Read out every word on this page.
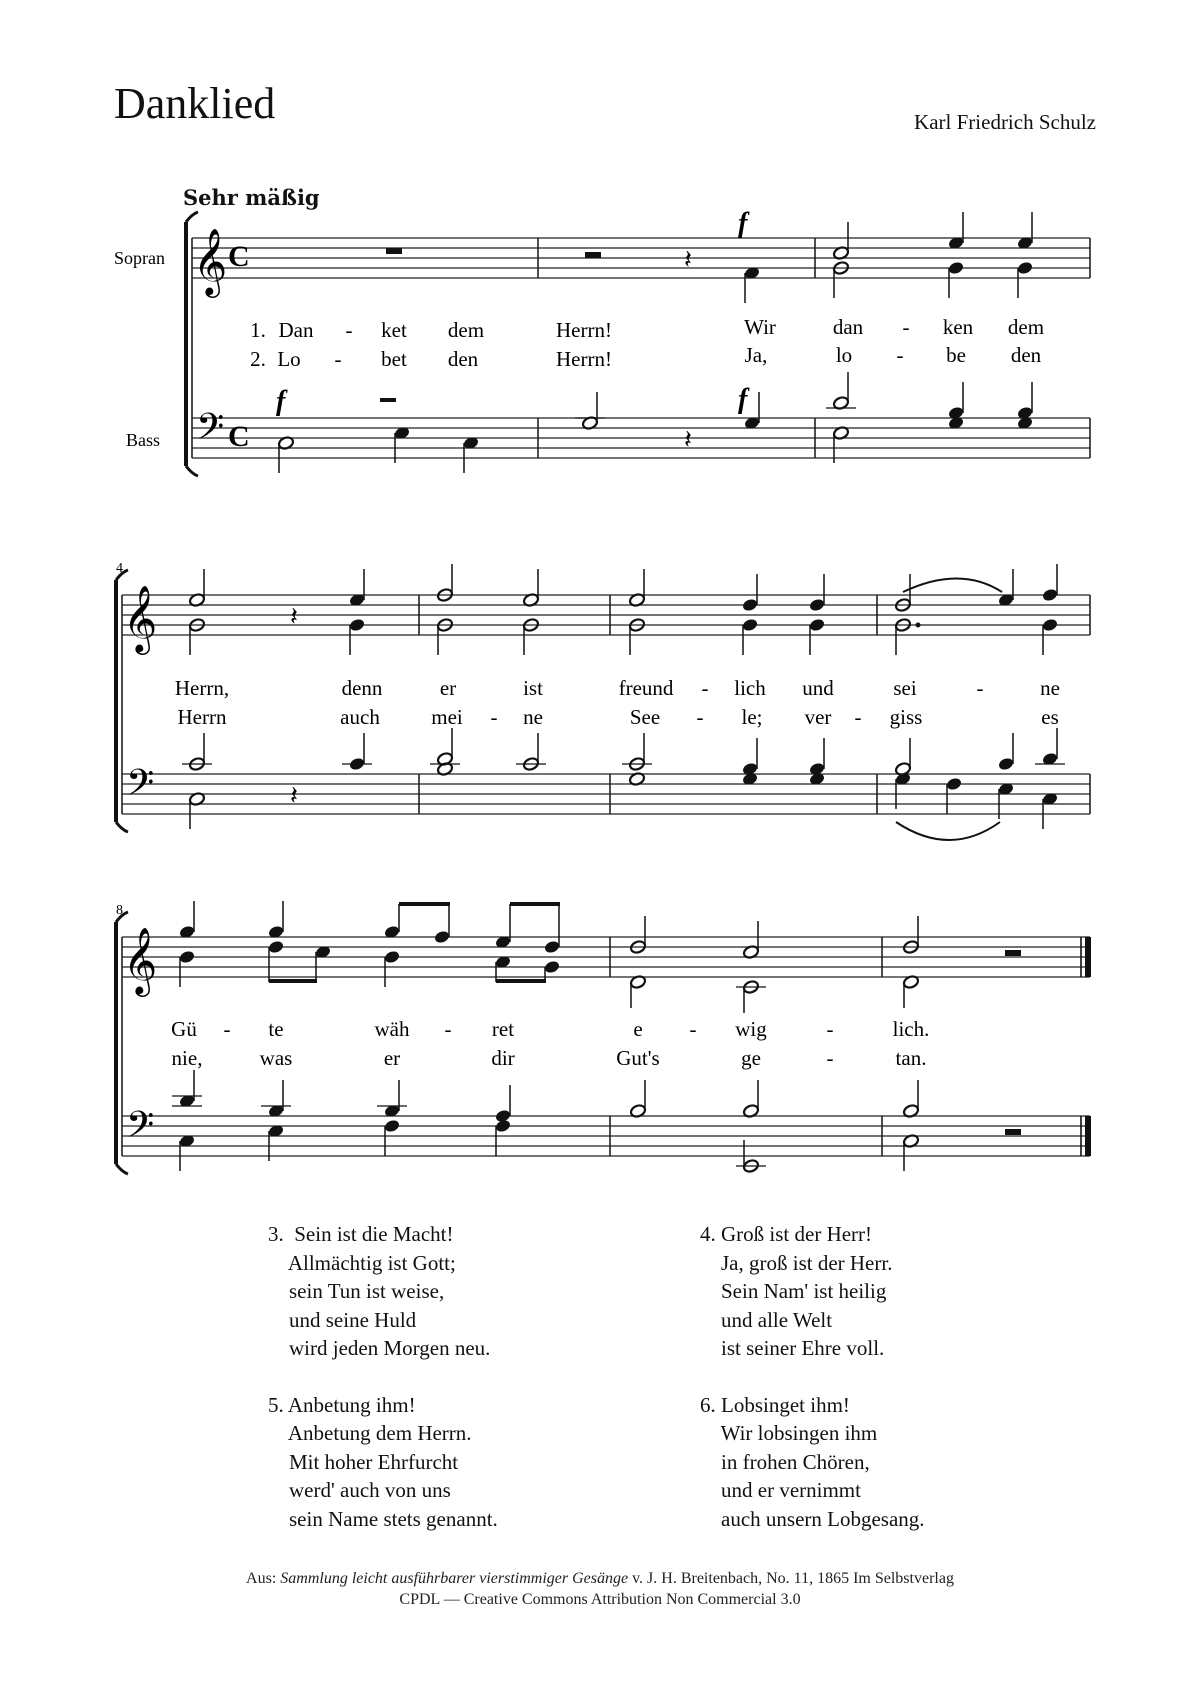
Danklied	Karl Friedrich Schulz
Sehr mäßig
Sopran
Bass
𝄞
𝄢
C
C
𝄽
f
f
𝄽
f
1. Dan - ket dem	Herrn!	Wir	dan - ken dem
2. Lo - bet den	Herrn!	Ja,	lo - be den
4
𝄞
𝄢
𝄽
𝄽
Herrn,	denn	er	ist	freund - lich und	sei	-	ne
Herrn	auch mei - ne	See - le; ver - giss	es
8
𝄞
𝄢
Gü - te	wäh - ret	e - wig	-	lich.
nie,	was	er	dir	Gut's	ge	-	tan.
3.  Sein ist die Macht!
Allmächtig ist Gott;
sein Tun ist weise,
und seine Huld
wird jeden Morgen neu.
5. Anbetung ihm!
Anbetung dem Herrn.
Mit hoher Ehrfurcht
werd' auch von uns
sein Name stets genannt.
4. Groß ist der Herr!
Ja, groß ist der Herr.
Sein Nam' ist heilig
und alle Welt
ist seiner Ehre voll.
6. Lobsinget ihm!
Wir lobsingen ihm
in frohen Chören,
und er vernimmt
auch unsern Lobgesang.
Aus: Sammlung leicht ausführbarer vierstimmiger Gesänge v. J. H. Breitenbach, No. 11, 1865 Im Selbstverlag
CPDL — Creative Commons Attribution Non Commercial 3.0
